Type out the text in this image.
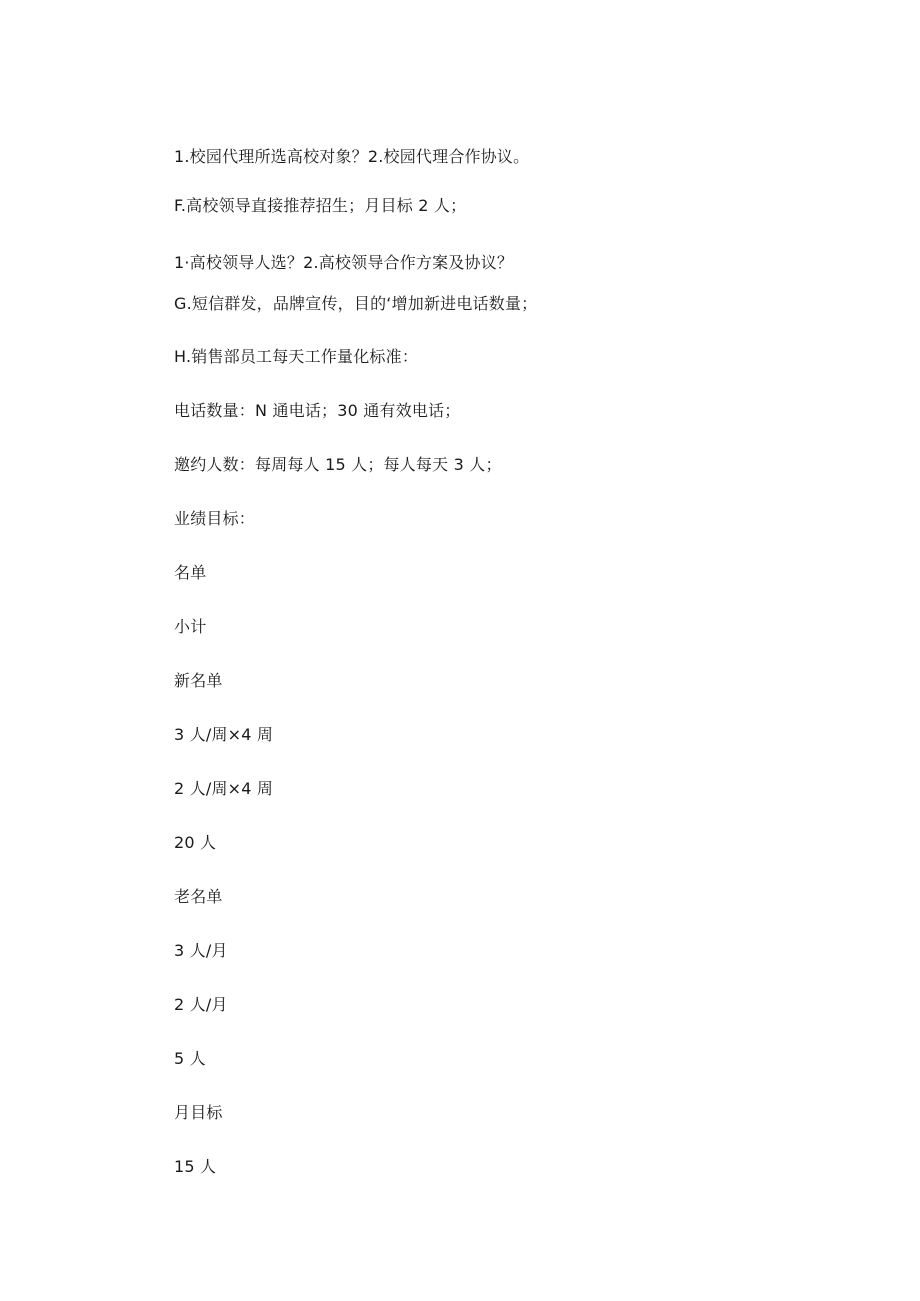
1.校园代理所选高校对象？2.校园代理合作协议。
F.高校领导直接推荐招生；月目标 2 人；
1·高校领导人选？2.高校领导合作方案及协议？
G.短信群发，品牌宣传，目的‘增加新进电话数量；
H.销售部员工每天工作量化标准：
电话数量：N 通电话；30 通有效电话；
邀约人数：每周每人 15 人；每人每天 3 人；
业绩目标：
名单
小计
新名单
3 人/周×4 周
2 人/周×4 周
20 人
老名单
3 人/月
2 人/月
5 人
月目标
15 人
